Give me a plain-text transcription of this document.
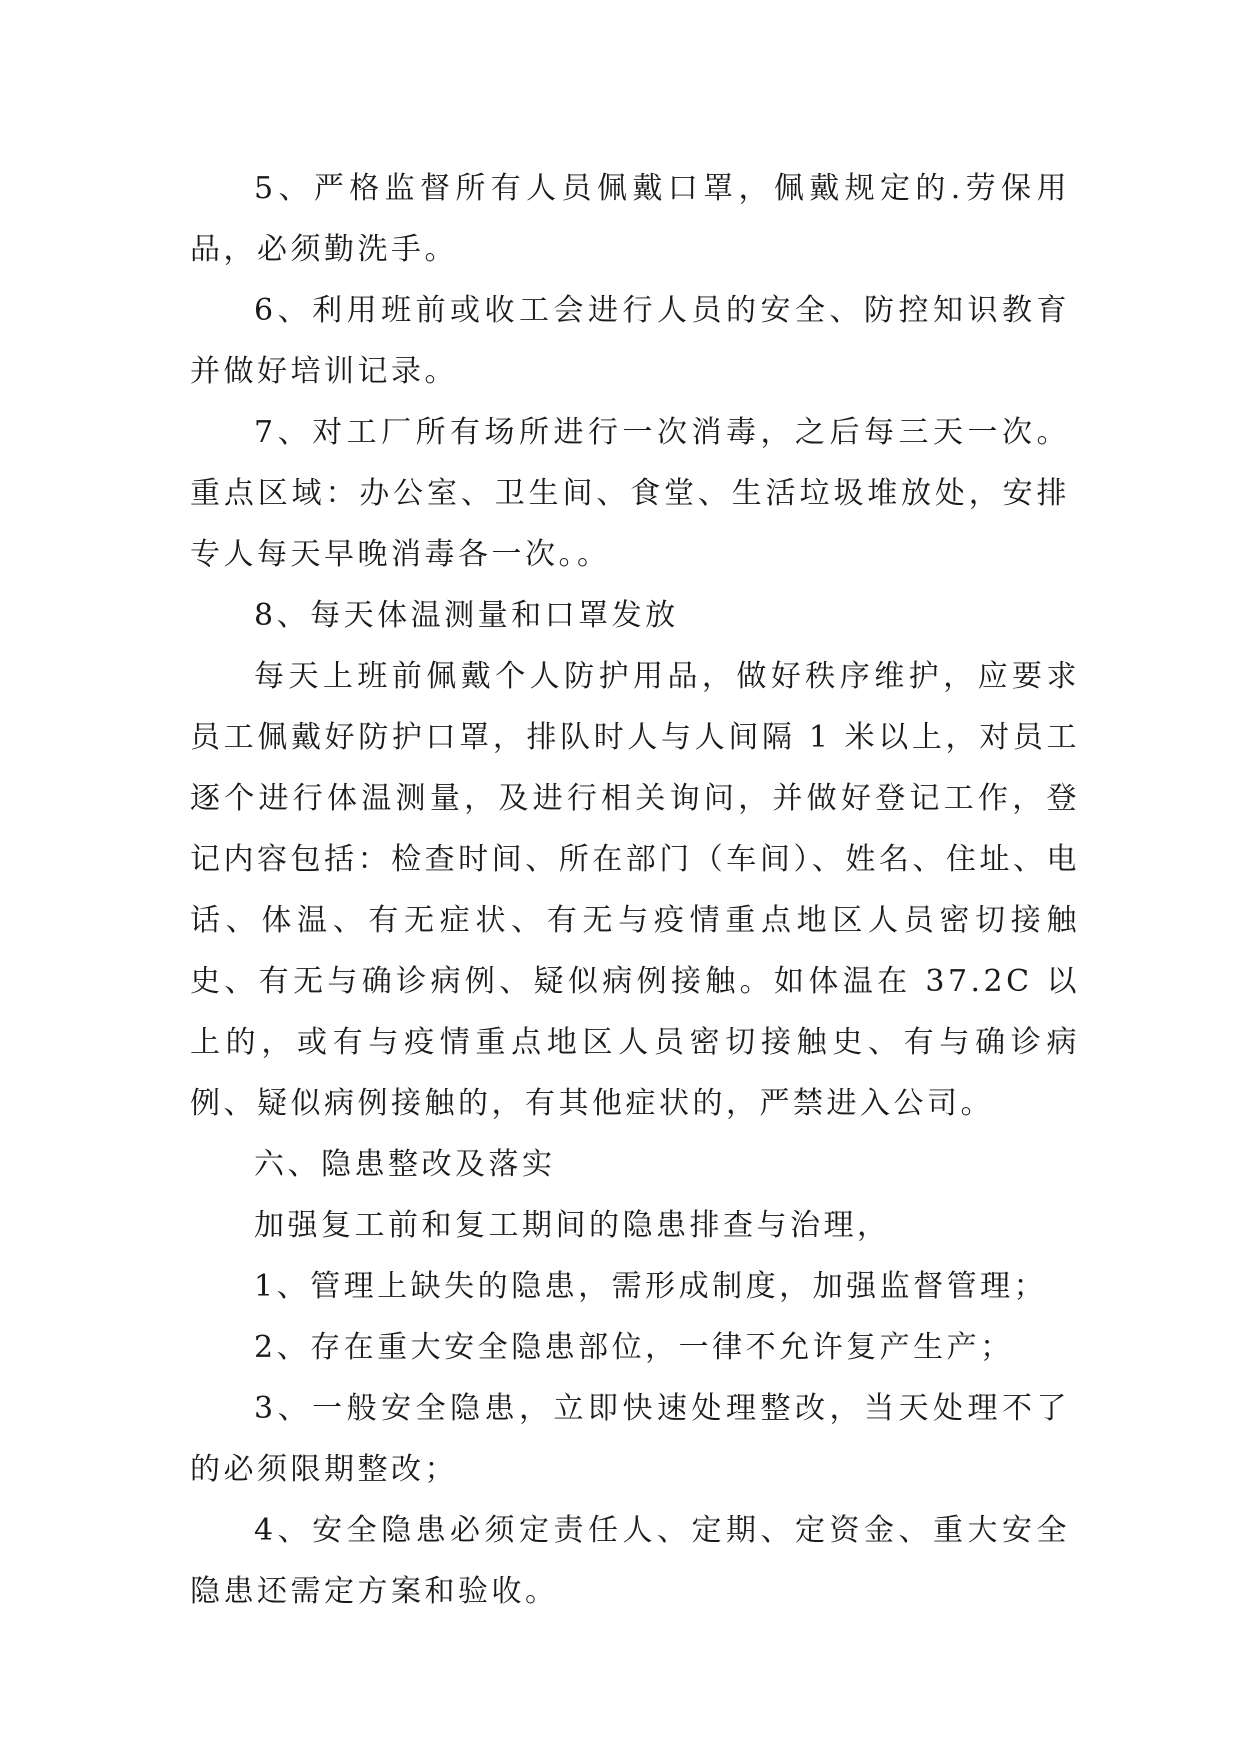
5、严格监督所有人员佩戴口罩，佩戴规定的.劳保用品，必须勤洗手。

6、利用班前或收工会进行人员的安全、防控知识教育并做好培训记录。

7、对工厂所有场所进行一次消毒，之后每三天一次。重点区域：办公室、卫生间、食堂、生活垃圾堆放处，安排专人每天早晚消毒各一次。。

8、每天体温测量和口罩发放

每天上班前佩戴个人防护用品，做好秩序维护，应要求员工佩戴好防护口罩，排队时人与人间隔 1 米以上，对员工逐个进行体温测量，及进行相关询问，并做好登记工作，登记内容包括：检查时间、所在部门（车间）、姓名、住址、电话、体温、有无症状、有无与疫情重点地区人员密切接触史、有无与确诊病例、疑似病例接触。如体温在 37.2C 以上的，或有与疫情重点地区人员密切接触史、有与确诊病例、疑似病例接触的，有其他症状的，严禁进入公司。

六、隐患整改及落实

加强复工前和复工期间的隐患排查与治理，

1、管理上缺失的隐患，需形成制度，加强监督管理；

2、存在重大安全隐患部位，一律不允许复产生产；

3、一般安全隐患，立即快速处理整改，当天处理不了的必须限期整改；

4、安全隐患必须定责任人、定期、定资金、重大安全隐患还需定方案和验收。
